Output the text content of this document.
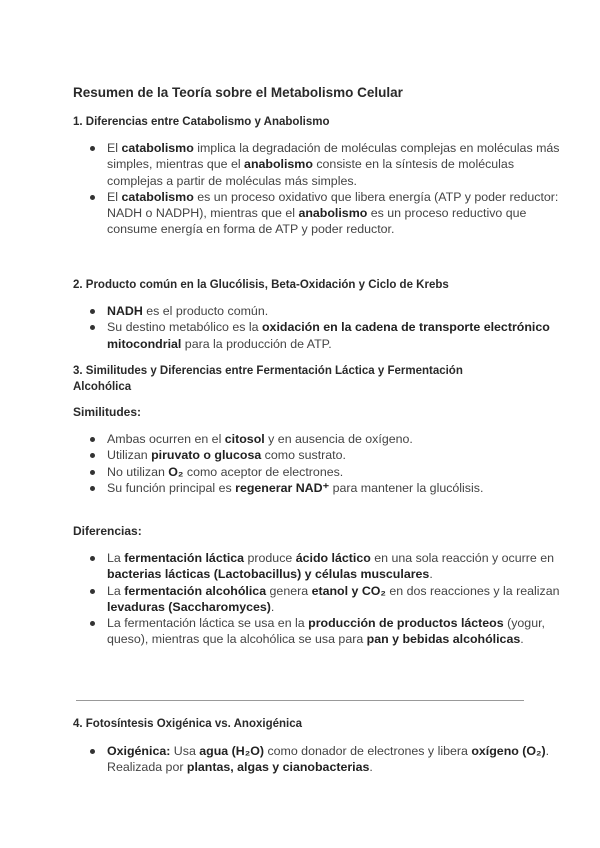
Resumen de la Teoría sobre el Metabolismo Celular
1. Diferencias entre Catabolismo y Anabolismo
El catabolismo implica la degradación de moléculas complejas en moléculas más simples, mientras que el anabolismo consiste en la síntesis de moléculas complejas a partir de moléculas más simples.
El catabolismo es un proceso oxidativo que libera energía (ATP y poder reductor: NADH o NADPH), mientras que el anabolismo es un proceso reductivo que consume energía en forma de ATP y poder reductor.
2. Producto común en la Glucólisis, Beta-Oxidación y Ciclo de Krebs
NADH es el producto común.
Su destino metabólico es la oxidación en la cadena de transporte electrónico mitocondrial para la producción de ATP.
3. Similitudes y Diferencias entre Fermentación Láctica y Fermentación Alcohólica
Similitudes:
Ambas ocurren en el citosol y en ausencia de oxígeno.
Utilizan piruvato o glucosa como sustrato.
No utilizan O₂ como aceptor de electrones.
Su función principal es regenerar NAD⁺ para mantener la glucólisis.
Diferencias:
La fermentación láctica produce ácido láctico en una sola reacción y ocurre en bacterias lácticas (Lactobacillus) y células musculares.
La fermentación alcohólica genera etanol y CO₂ en dos reacciones y la realizan levaduras (Saccharomyces).
La fermentación láctica se usa en la producción de productos lácteos (yogur, queso), mientras que la alcohólica se usa para pan y bebidas alcohólicas.
4. Fotosíntesis Oxigénica vs. Anoxigénica
Oxigénica: Usa agua (H₂O) como donador de electrones y libera oxígeno (O₂). Realizada por plantas, algas y cianobacterias.
